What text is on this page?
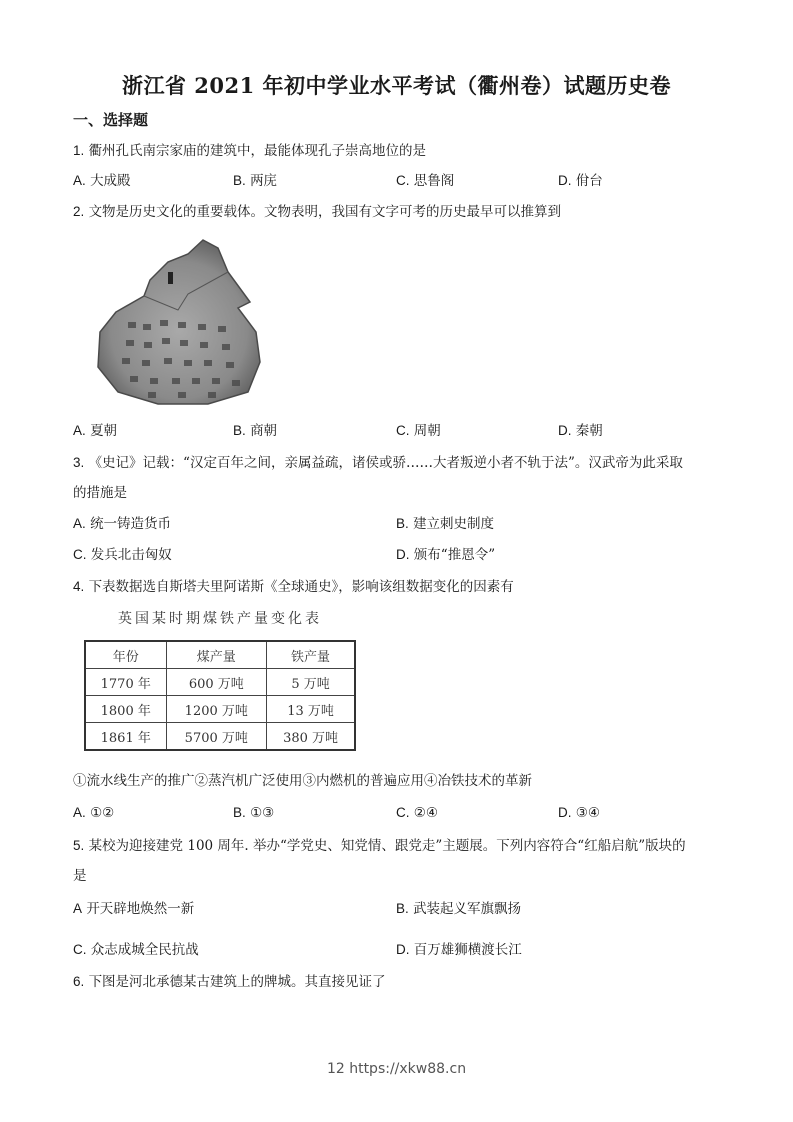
浙江省 2021 年初中学业水平考试（衢州卷）试题历史卷
一、选择题
1. 衢州孔氏南宗家庙的建筑中，最能体现孔子崇高地位的是
A. 大成殿	B. 两庑	C. 思鲁阁	D. 佾台
2. 文物是历史文化的重要载体。文物表明，我国有文字可考的历史最早可以推算到
A. 夏朝	B. 商朝	C. 周朝	D. 秦朝
3. 《史记》记载：“汉定百年之间，亲属益疏，诸侯或骄……大者叛逆小者不轨于法”。汉武帝为此采取
的措施是
A. 统一铸造货币	B. 建立刺史制度
C. 发兵北击匈奴	D. 颁布“推恩令”
4. 下表数据选自斯塔夫里阿诺斯《全球通史》，影响该组数据变化的因素有
英国某时期煤铁产量变化表
年份	煤产量	铁产量
1770 年	600 万吨	5 万吨
1800 年	1200 万吨	13 万吨
1861 年	5700 万吨	380 万吨
①流水线生产的推广②蒸汽机广泛使用③内燃机的普遍应用④冶铁技术的革新
A. ①②	B. ①③	C. ②④	D. ③④
5. 某校为迎接建党 100 周年. 举办“学党史、知党情、跟党走”主题展。下列内容符合“红船启航”版块的
是
A 开天辟地焕然一新	B. 武装起义军旗飘扬
C. 众志成城全民抗战	D. 百万雄狮横渡长江
6. 下图是河北承德某古建筑上的牌城。其直接见证了
12 https://xkw88.cn
